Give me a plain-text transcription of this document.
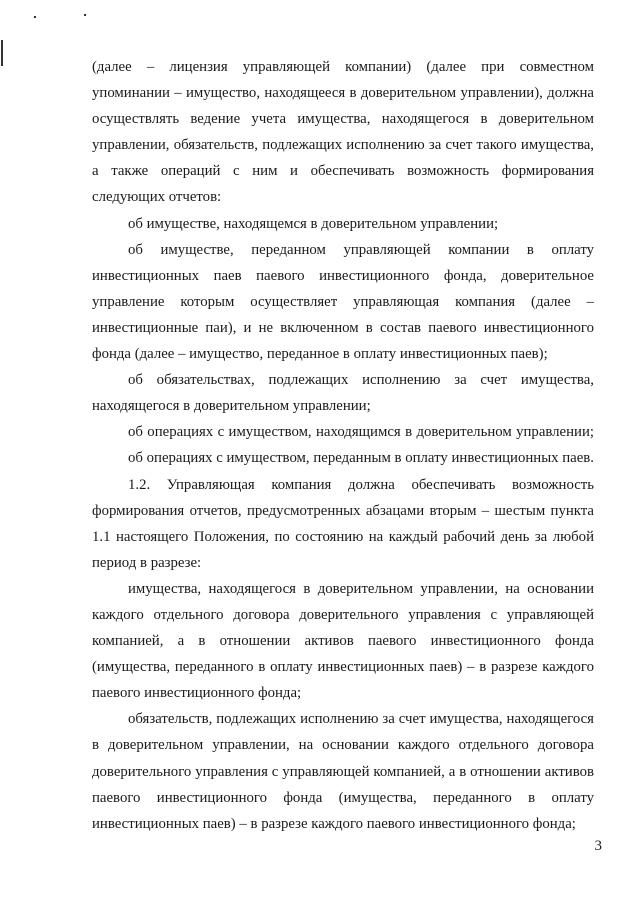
(далее – лицензия управляющей компании) (далее при совместном упоминании – имущество, находящееся в доверительном управлении), должна осуществлять ведение учета имущества, находящегося в доверительном управлении, обязательств, подлежащих исполнению за счет такого имущества, а также операций с ним и обеспечивать возможность формирования следующих отчетов:

об имуществе, находящемся в доверительном управлении;

об имуществе, переданном управляющей компании в оплату инвестиционных паев паевого инвестиционного фонда, доверительное управление которым осуществляет управляющая компания (далее – инвестиционные паи), и не включенном в состав паевого инвестиционного фонда (далее – имущество, переданное в оплату инвестиционных паев);

об обязательствах, подлежащих исполнению за счет имущества, находящегося в доверительном управлении;

об операциях с имуществом, находящимся в доверительном управлении;

об операциях с имуществом, переданным в оплату инвестиционных паев.

1.2. Управляющая компания должна обеспечивать возможность формирования отчетов, предусмотренных абзацами вторым – шестым пункта 1.1 настоящего Положения, по состоянию на каждый рабочий день за любой период в разрезе:

имущества, находящегося в доверительном управлении, на основании каждого отдельного договора доверительного управления с управляющей компанией, а в отношении активов паевого инвестиционного фонда (имущества, переданного в оплату инвестиционных паев) – в разрезе каждого паевого инвестиционного фонда;

обязательств, подлежащих исполнению за счет имущества, находящегося в доверительном управлении, на основании каждого отдельного договора доверительного управления с управляющей компанией, а в отношении активов паевого инвестиционного фонда (имущества, переданного в оплату инвестиционных паев) – в разрезе каждого паевого инвестиционного фонда;

3
